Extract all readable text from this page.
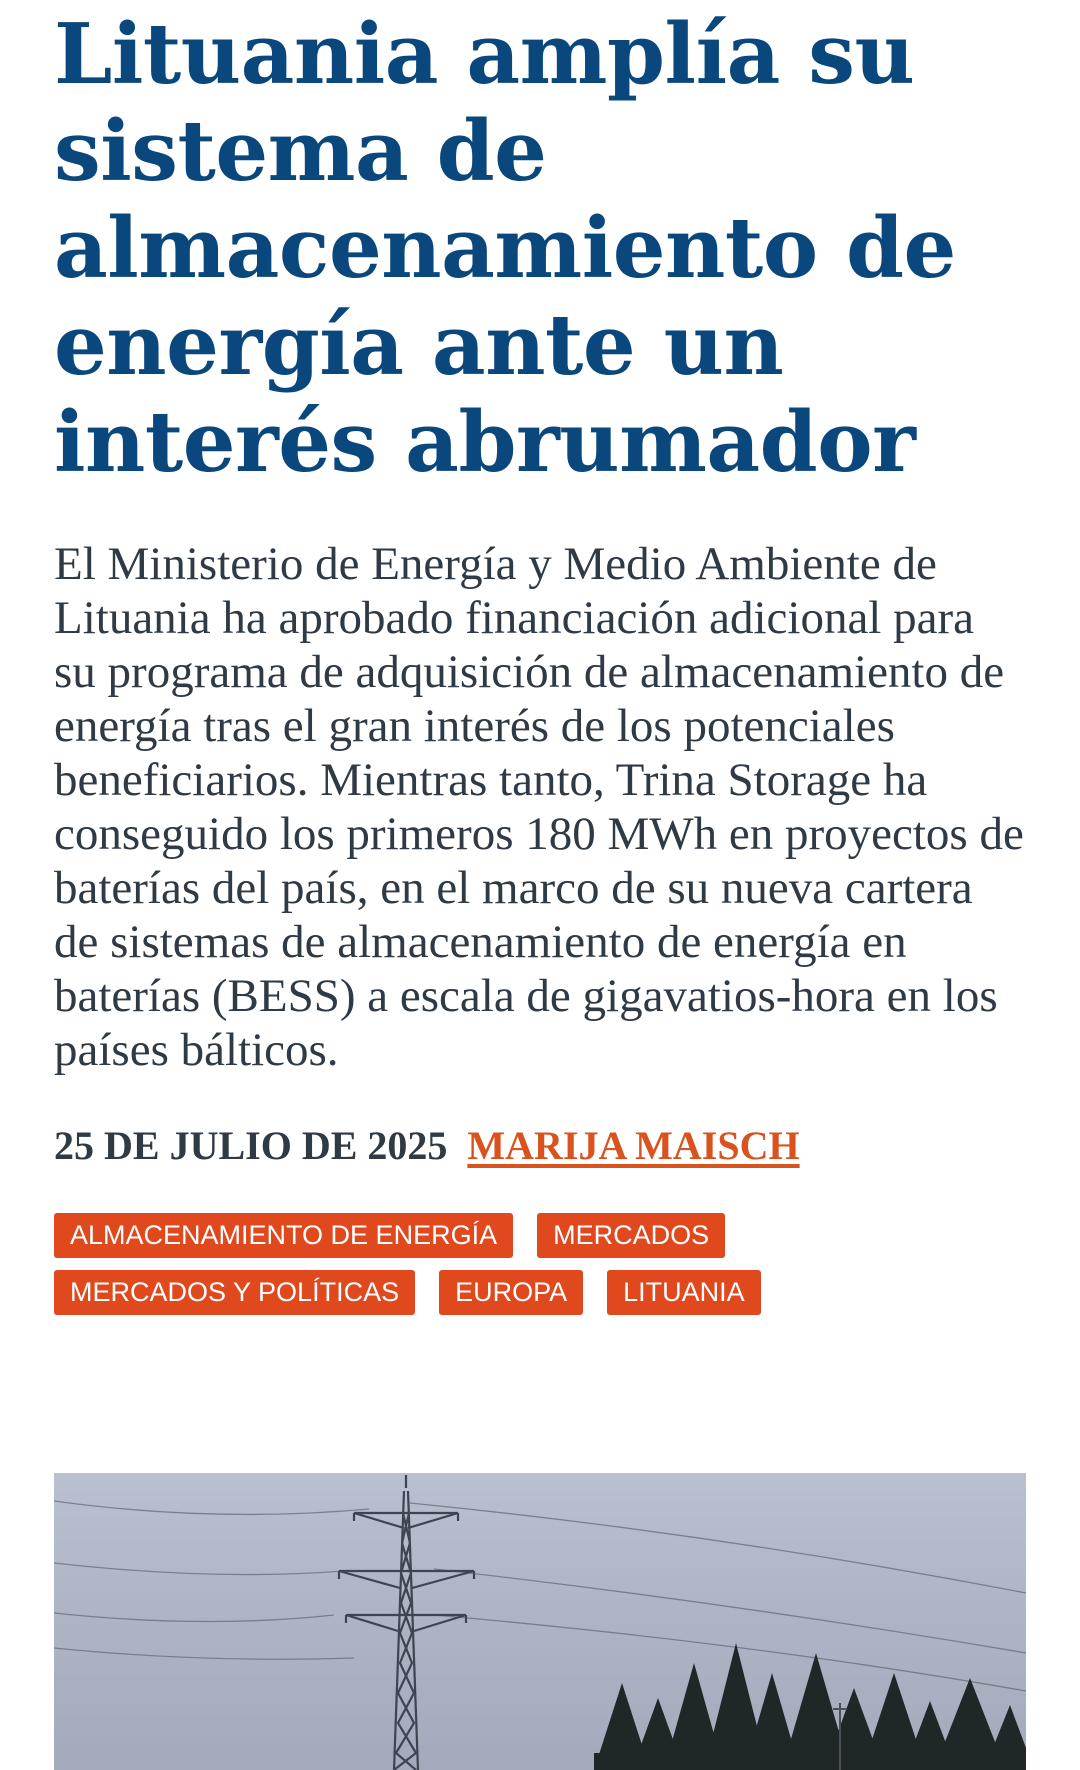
Lituania amplía su sistema de almacenamiento de energía ante un interés abrumador

El Ministerio de Energía y Medio Ambiente de Lituania ha aprobado financiación adicional para su programa de adquisición de almacenamiento de energía tras el gran interés de los potenciales beneficiarios. Mientras tanto, Trina Storage ha conseguido los primeros 180 MWh en proyectos de baterías del país, en el marco de su nueva cartera de sistemas de almacenamiento de energía en baterías (BESS) a escala de gigavatios-hora en los países bálticos.

25 DE JULIO DE 2025 MARIJA MAISCH
ALMACENAMIENTO DE ENERGÍA	MERCADOS
MERCADOS Y POLÍTICAS	EUROPA	LITUANIA
